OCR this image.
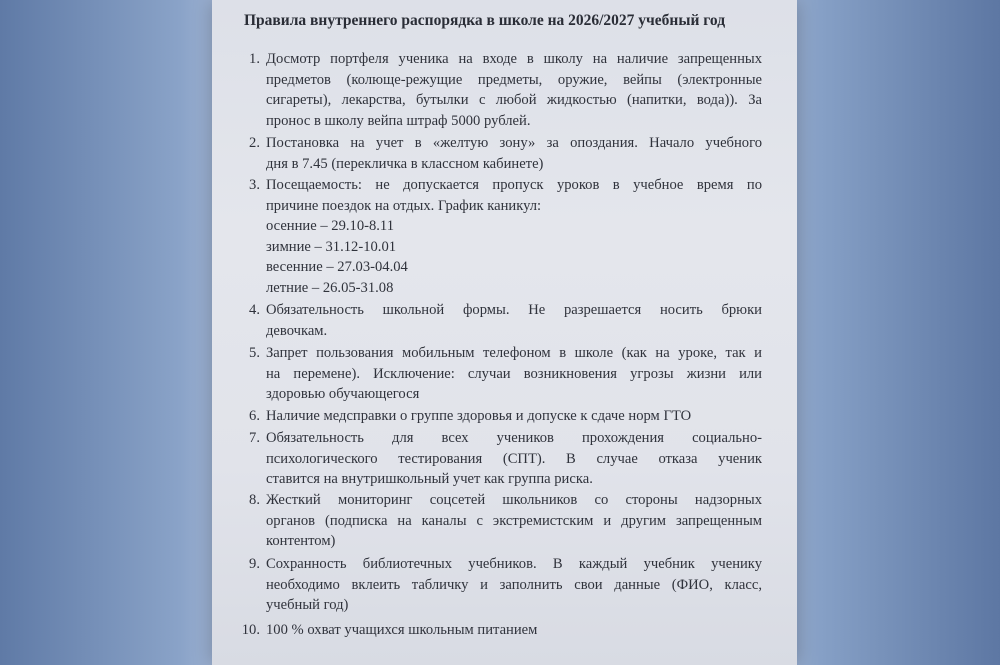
Правила внутреннего распорядка в школе на 2026/2027 учебный год
1. Досмотр портфеля ученика на входе в школу на наличие запрещенных
предметов (колюще-режущие предметы, оружие, вейпы (электронные
сигареты), лекарства, бутылки с любой жидкостью (напитки, вода)). За
пронос в школу вейпа штраф 5000 рублей.
2. Постановка на учет в «желтую зону» за опоздания. Начало учебного
дня в 7.45 (перекличка в классном кабинете)
3. Посещаемость: не допускается пропуск уроков в учебное время по
причине поездок на отдых. График каникул:
осенние – 29.10-8.11
зимние – 31.12-10.01
весенние – 27.03-04.04
летние – 26.05-31.08
4. Обязательность школьной формы. Не разрешается носить брюки
девочкам.
5. Запрет пользования мобильным телефоном в школе (как на уроке, так и
на перемене). Исключение: случаи возникновения угрозы жизни или
здоровью обучающегося
6. Наличие медсправки о группе здоровья и допуске к сдаче норм ГТО
7. Обязательность для всех учеников прохождения социально-
психологического тестирования (СПТ). В случае отказа ученик
ставится на внутришкольный учет как группа риска.
8. Жесткий мониторинг соцсетей школьников со стороны надзорных
органов (подписка на каналы с экстремистским и другим запрещенным
контентом)
9. Сохранность библиотечных учебников. В каждый учебник ученику
необходимо вклеить табличку и заполнить свои данные (ФИО, класс,
учебный год)
10. 100 % охват учащихся школьным питанием
